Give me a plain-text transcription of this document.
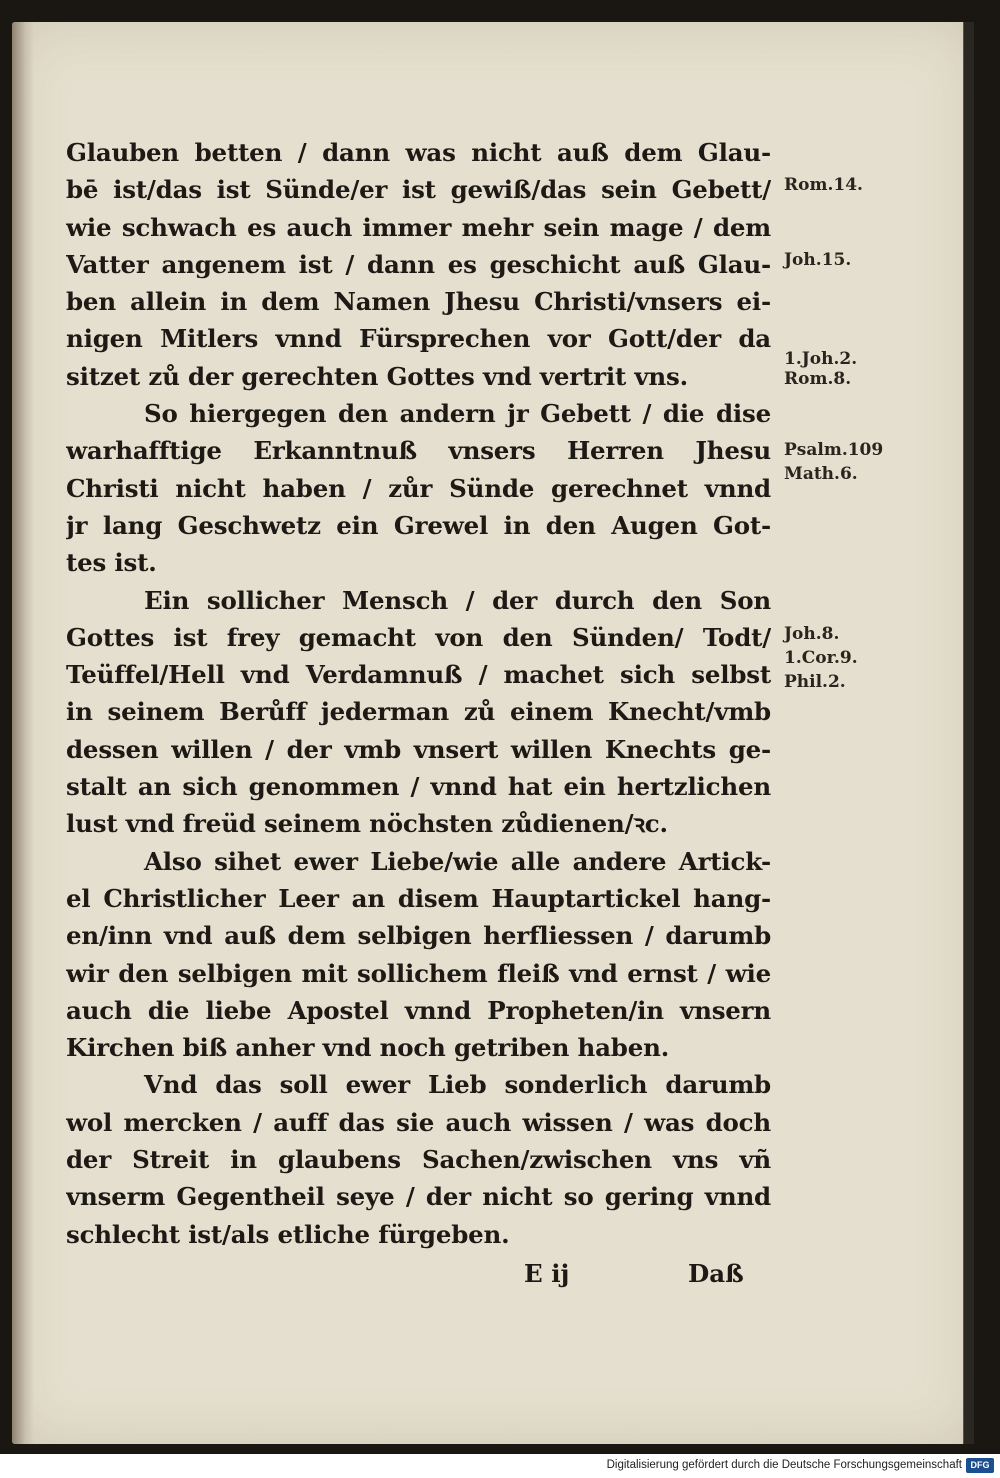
Glauben betten / dann was nicht auß dem Glau-
bē ist/das ist Sünde/er ist gewiß/das sein Gebett/
wie schwach es auch immer mehr sein mage / dem
Vatter angenem ist / dann es geschicht auß Glau-
ben allein in dem Namen Jhesu Christi/vnsers ei-
nigen Mitlers vnnd Fürsprechen vor Gott/der da
sitzet zů der gerechten Gottes vnd vertrit vns.
So hiergegen den andern jr Gebett / die dise
warhafftige Erkanntnuß vnsers Herren Jhesu
Christi nicht haben / zůr Sünde gerechnet vnnd
jr lang Geschwetz ein Grewel in den Augen Got-
tes ist.
Ein sollicher Mensch / der durch den Son
Gottes ist frey gemacht von den Sünden/ Todt/
Teüffel/Hell vnd Verdamnuß / machet sich selbst
in seinem Berůff jederman zů einem Knecht/vmb
dessen willen / der vmb vnsert willen Knechts ge-
stalt an sich genommen / vnnd hat ein hertzlichen
lust vnd freüd seinem nöchsten zůdienen/ꝛc.
Also sihet ewer Liebe/wie alle andere Artick-
el Christlicher Leer an disem Hauptartickel hang-
en/inn vnd auß dem selbigen herfliessen / darumb
wir den selbigen mit sollichem fleiß vnd ernst / wie
auch die liebe Apostel vnnd Propheten/in vnsern
Kirchen biß anher vnd noch getriben haben.
Vnd das soll ewer Lieb sonderlich darumb
wol mercken / auff das sie auch wissen / was doch
der Streit in glaubens Sachen/zwischen vns vñ
vnserm Gegentheil seye / der nicht so gering vnnd
schlecht ist/als etliche fürgeben.
Rom.14.
Joh.15.
1.Joh.2.
Rom.8.
Psalm.109
Math.6.
Joh.8.
1.Cor.9.
Phil.2.
E ij	Daß
Digitalisierung gefördert durch die Deutsche Forschungsgemeinschaft DFG
